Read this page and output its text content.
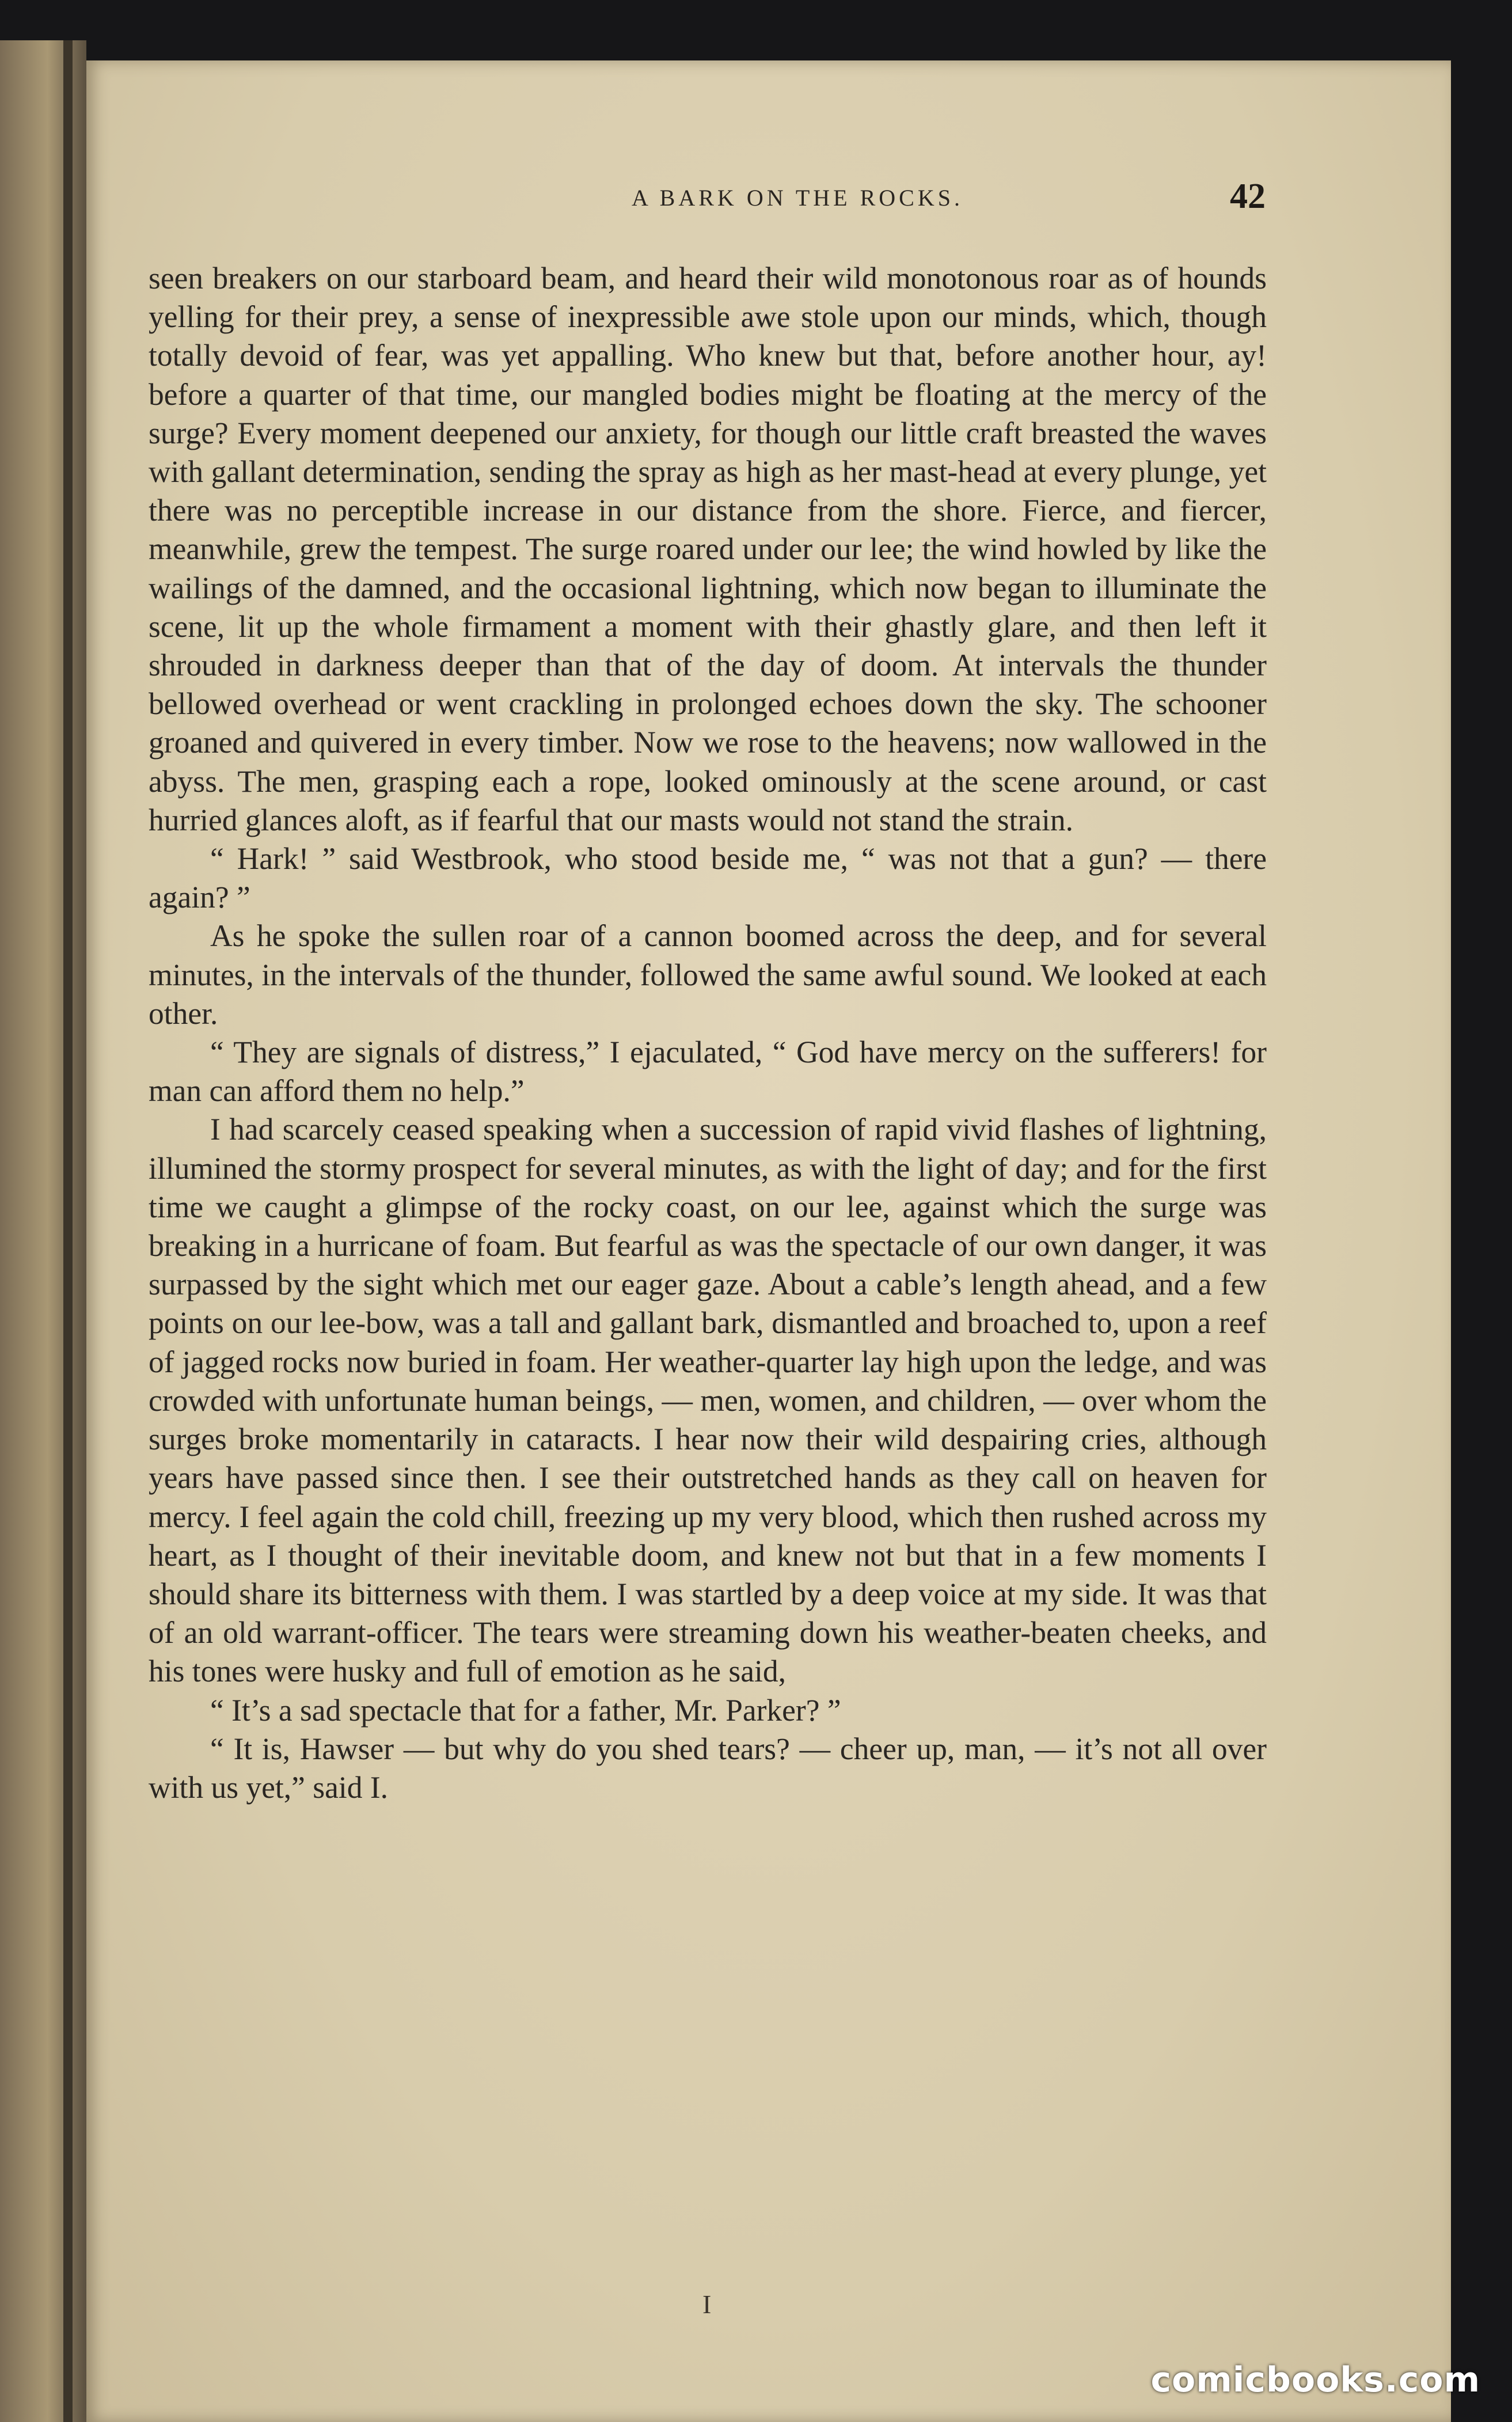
A BARK ON THE ROCKS.	42

seen breakers on our starboard beam, and heard their wild monotonous roar as of hounds yelling for their prey, a sense of inexpressible awe stole upon our minds, which, though totally devoid of fear, was yet appalling. Who knew but that, before another hour, ay! before a quarter of that time, our mangled bodies might be floating at the mercy of the surge? Every moment deepened our anxiety, for though our little craft breasted the waves with gallant determination, sending the spray as high as her mast-head at every plunge, yet there was no perceptible increase in our distance from the shore. Fierce, and fiercer, meanwhile, grew the tempest. The surge roared under our lee; the wind howled by like the wailings of the damned, and the occasional lightning, which now began to illuminate the scene, lit up the whole firmament a moment with their ghastly glare, and then left it shrouded in darkness deeper than that of the day of doom. At intervals the thunder bellowed overhead or went crackling in prolonged echoes down the sky. The schooner groaned and quivered in every timber. Now we rose to the heavens; now wallowed in the abyss. The men, grasping each a rope, looked ominously at the scene around, or cast hurried glances aloft, as if fearful that our masts would not stand the strain.

“ Hark! ” said Westbrook, who stood beside me, “ was not that a gun? — there again? ”

As he spoke the sullen roar of a cannon boomed across the deep, and for several minutes, in the intervals of the thunder, followed the same awful sound. We looked at each other.

“ They are signals of distress,” I ejaculated, “ God have mercy on the sufferers! for man can afford them no help.”

I had scarcely ceased speaking when a succession of rapid vivid flashes of lightning, illumined the stormy prospect for several minutes, as with the light of day; and for the first time we caught a glimpse of the rocky coast, on our lee, against which the surge was breaking in a hurricane of foam. But fearful as was the spectacle of our own danger, it was surpassed by the sight which met our eager gaze. About a cable’s length ahead, and a few points on our lee-bow, was a tall and gallant bark, dismantled and broached to, upon a reef of jagged rocks now buried in foam. Her weather-quarter lay high upon the ledge, and was crowded with unfortunate human beings, — men, women, and children, — over whom the surges broke momentarily in cataracts. I hear now their wild despairing cries, although years have passed since then. I see their outstretched hands as they call on heaven for mercy. I feel again the cold chill, freezing up my very blood, which then rushed across my heart, as I thought of their inevitable doom, and knew not but that in a few moments I should share its bitterness with them. I was startled by a deep voice at my side. It was that of an old warrant-officer. The tears were streaming down his weather-beaten cheeks, and his tones were husky and full of emotion as he said,

“ It’s a sad spectacle that for a father, Mr. Parker? ”

“ It is, Hawser — but why do you shed tears? — cheer up, man, — it’s not all over with us yet,” said I.

I
comicbooks.com
